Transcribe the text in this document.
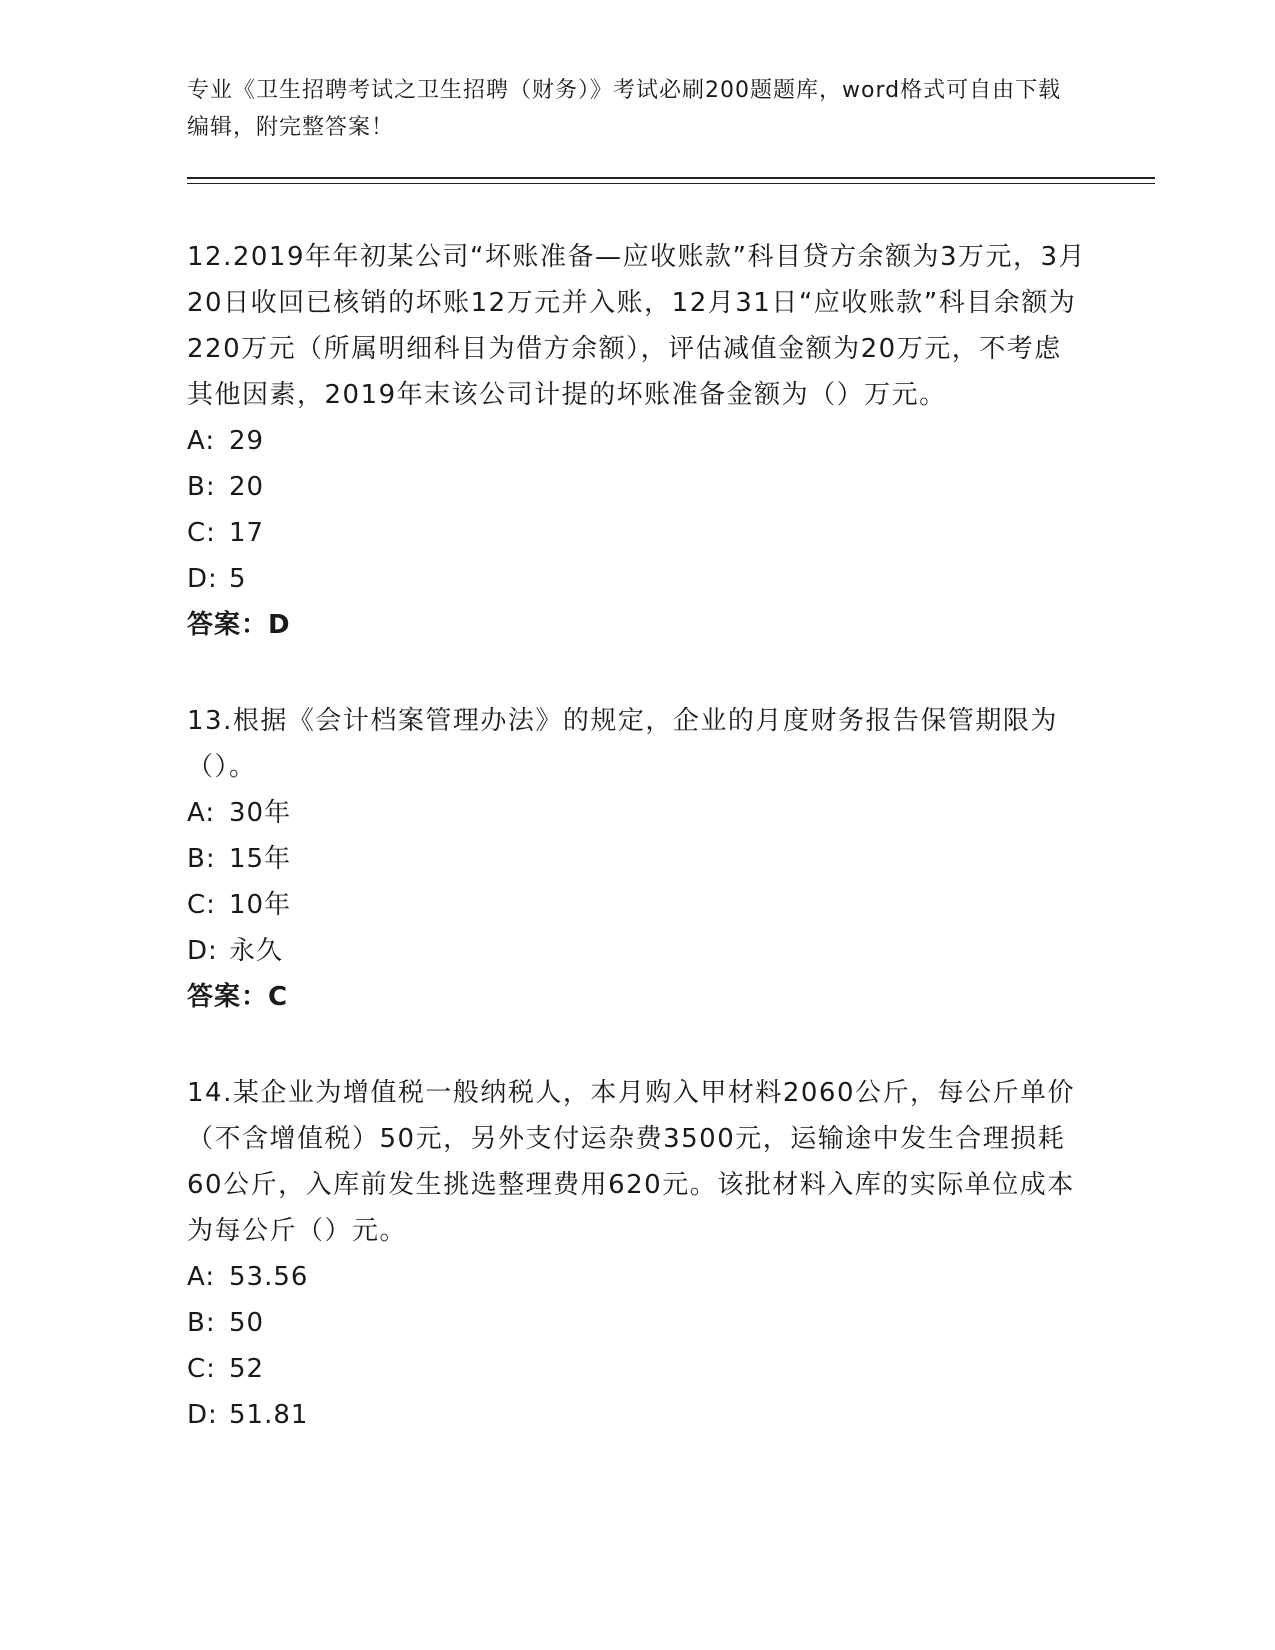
专业《卫生招聘考试之卫生招聘（财务）》考试必刷200题题库，word格式可自由下载编辑，附完整答案！
12.2019年年初某公司“坏账准备—应收账款”科目贷方余额为3万元，3月20日收回已核销的坏账12万元并入账，12月31日“应收账款”科目余额为220万元（所属明细科目为借方余额），评估减值金额为20万元，不考虑其他因素，2019年末该公司计提的坏账准备金额为（）万元。
A: 29
B: 20
C: 17
D: 5
答案：D
13.根据《会计档案管理办法》的规定，企业的月度财务报告保管期限为（）。
A: 30年
B: 15年
C: 10年
D: 永久
答案：C
14.某企业为增值税一般纳税人，本月购入甲材料2060公斤，每公斤单价（不含增值税）50元，另外支付运杂费3500元，运输途中发生合理损耗60公斤，入库前发生挑选整理费用620元。该批材料入库的实际单位成本为每公斤（）元。
A: 53.56
B: 50
C: 52
D: 51.81
